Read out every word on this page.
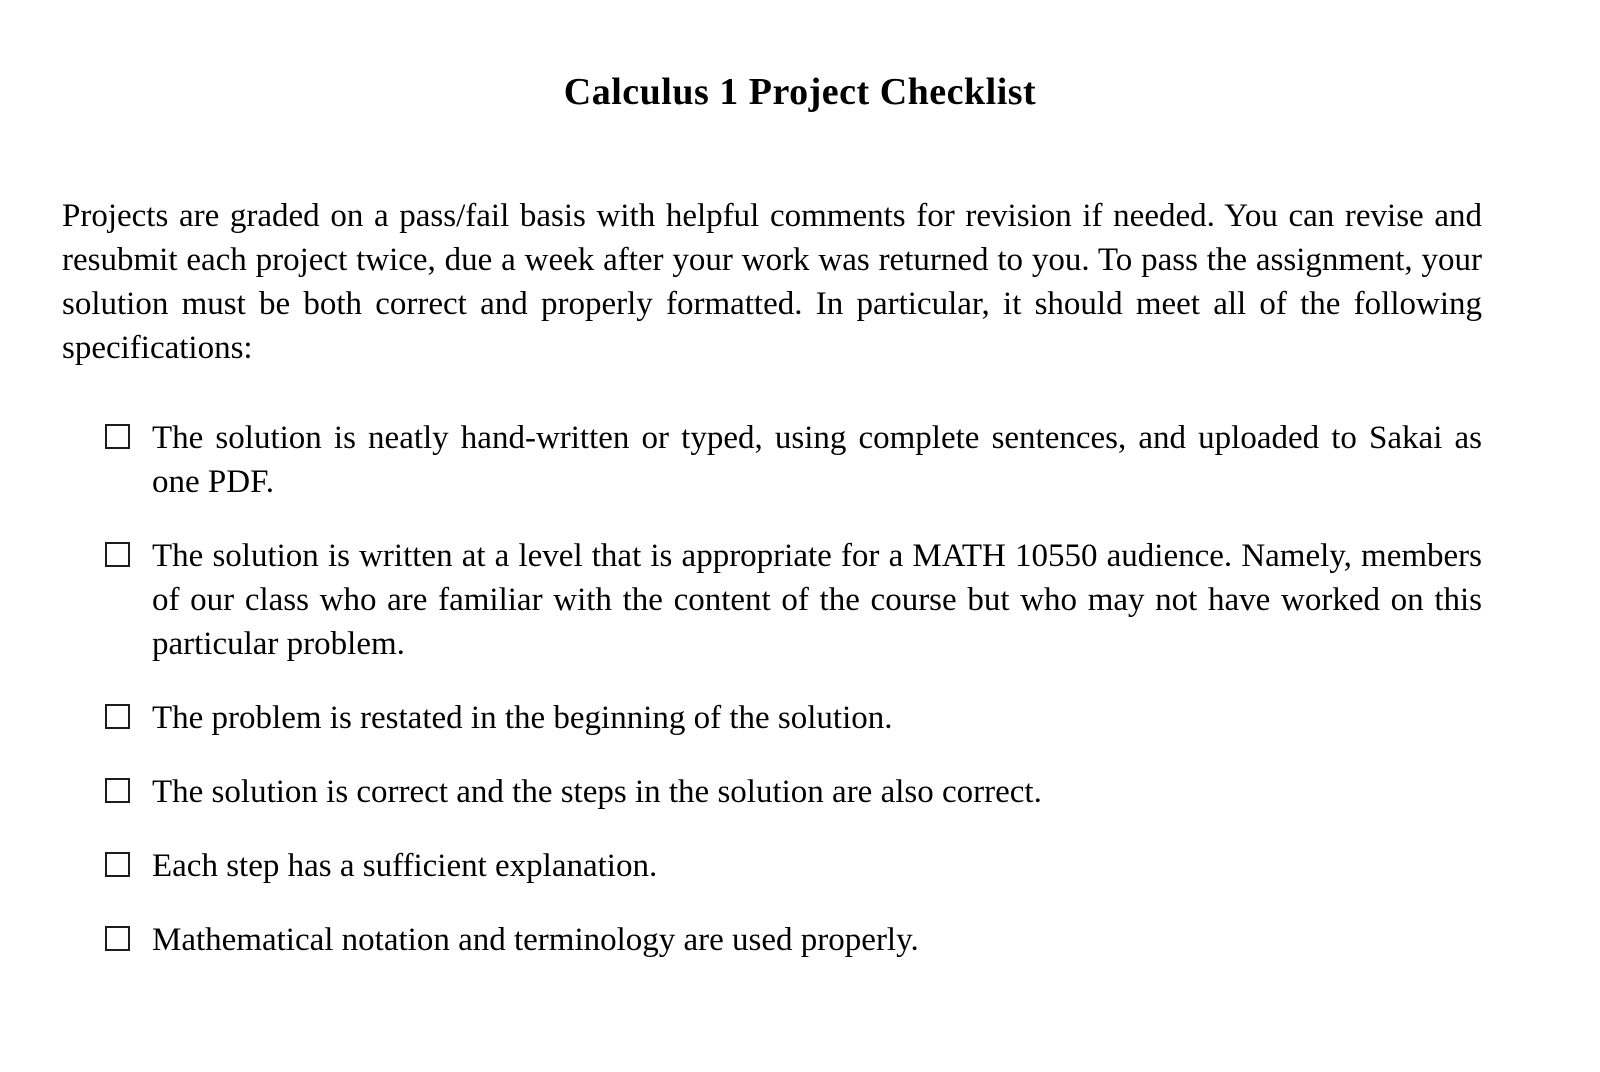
Calculus 1 Project Checklist

Projects are graded on a pass/fail basis with helpful comments for revision if needed. You can revise and resubmit each project twice, due a week after your work was returned to you. To pass the assignment, your solution must be both correct and properly formatted. In particular, it should meet all of the following specifications:

The solution is neatly hand-written or typed, using complete sentences, and uploaded to Sakai as one PDF.
The solution is written at a level that is appropriate for a MATH 10550 audience. Namely, members of our class who are familiar with the content of the course but who may not have worked on this particular problem.
The problem is restated in the beginning of the solution.
The solution is correct and the steps in the solution are also correct.
Each step has a sufficient explanation.
Mathematical notation and terminology are used properly.
